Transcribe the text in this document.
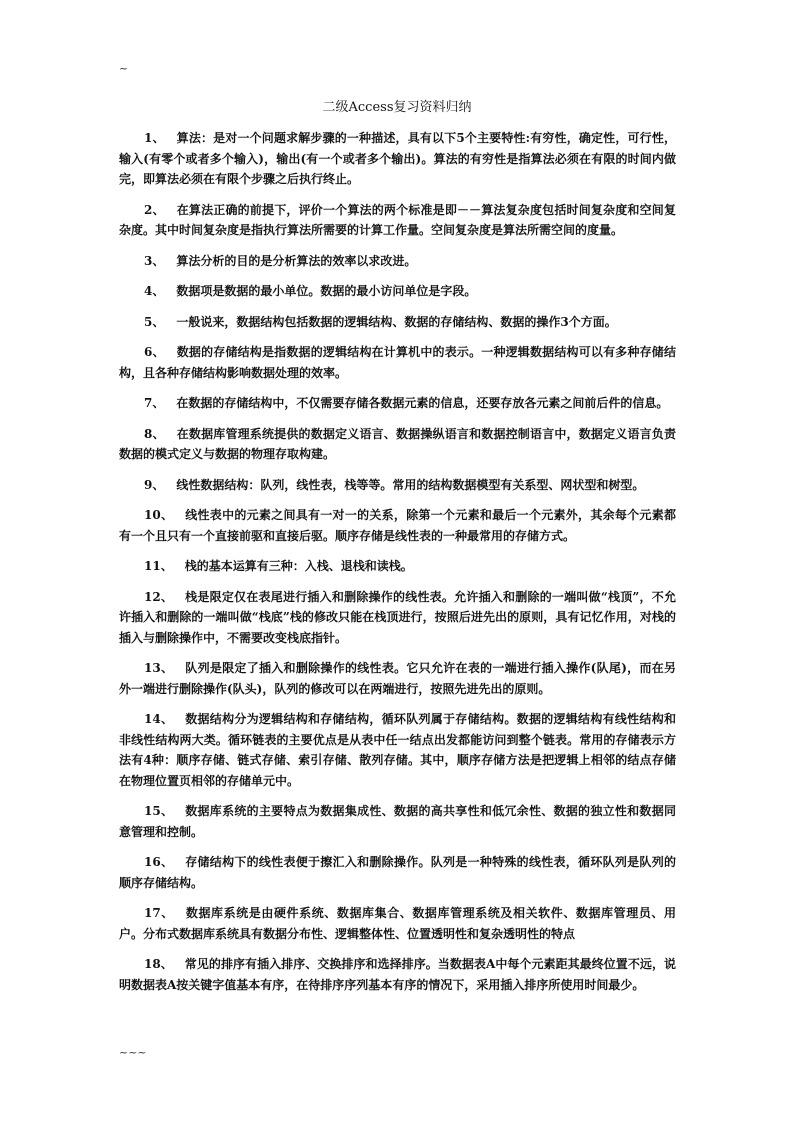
~
二级Access复习资料归纳

1、 算法：是对一个问题求解步骤的一种描述，具有以下5个主要特性:有穷性，确定性，可行性，输入(有零个或者多个输入)，输出(有一个或者多个输出)。算法的有穷性是指算法必须在有限的时间内做完，即算法必须在有限个步骤之后执行终止。

2、 在算法正确的前提下，评价一个算法的两个标准是即－－算法复杂度包括时间复杂度和空间复杂度。其中时间复杂度是指执行算法所需要的计算工作量。空间复杂度是算法所需空间的度量。

3、 算法分析的目的是分析算法的效率以求改进。

4、 数据项是数据的最小单位。数据的最小访问单位是字段。

5、 一般说来，数据结构包括数据的逻辑结构、数据的存储结构、数据的操作3个方面。

6、 数据的存储结构是指数据的逻辑结构在计算机中的表示。一种逻辑数据结构可以有多种存储结构，且各种存储结构影响数据处理的效率。

7、 在数据的存储结构中，不仅需要存储各数据元素的信息，还要存放各元素之间前后件的信息。

8、 在数据库管理系统提供的数据定义语言、数据操纵语言和数据控制语言中，数据定义语言负责数据的模式定义与数据的物理存取构建。

9、 线性数据结构：队列，线性表，栈等等。常用的结构数据模型有关系型、网状型和树型。

10、 线性表中的元素之间具有一对一的关系，除第一个元素和最后一个元素外，其余每个元素都有一个且只有一个直接前驱和直接后驱。顺序存储是线性表的一种最常用的存储方式。

11、 栈的基本运算有三种：入栈、退栈和读栈。

12、 栈是限定仅在表尾进行插入和删除操作的线性表。允许插入和删除的一端叫做“栈顶”，不允许插入和删除的一端叫做“栈底”栈的修改只能在栈顶进行，按照后进先出的原则，具有记忆作用，对栈的插入与删除操作中，不需要改变栈底指针。

13、 队列是限定了插入和删除操作的线性表。它只允许在表的一端进行插入操作(队尾)，而在另外一端进行删除操作(队头)，队列的修改可以在两端进行，按照先进先出的原则。

14、 数据结构分为逻辑结构和存储结构，循环队列属于存储结构。数据的逻辑结构有线性结构和非线性结构两大类。循环链表的主要优点是从表中任一结点出发都能访问到整个链表。常用的存储表示方法有4种：顺序存储、链式存储、索引存储、散列存储。其中，顺序存储方法是把逻辑上相邻的结点存储在物理位置页相邻的存储单元中。

15、 数据库系统的主要特点为数据集成性、数据的高共享性和低冗余性、数据的独立性和数据同意管理和控制。

16、 存储结构下的线性表便于擦汇入和删除操作。队列是一种特殊的线性表，循环队列是队列的顺序存储结构。

17、 数据库系统是由硬件系统、数据库集合、数据库管理系统及相关软件、数据库管理员、用户。分布式数据库系统具有数据分布性、逻辑整体性、位置透明性和复杂透明性的特点

18、 常见的排序有插入排序、交换排序和选择排序。当数据表A中每个元素距其最终位置不远，说明数据表A按关键字值基本有序，在待排序序列基本有序的情况下，采用插入排序所使用时间最少。

~~~
